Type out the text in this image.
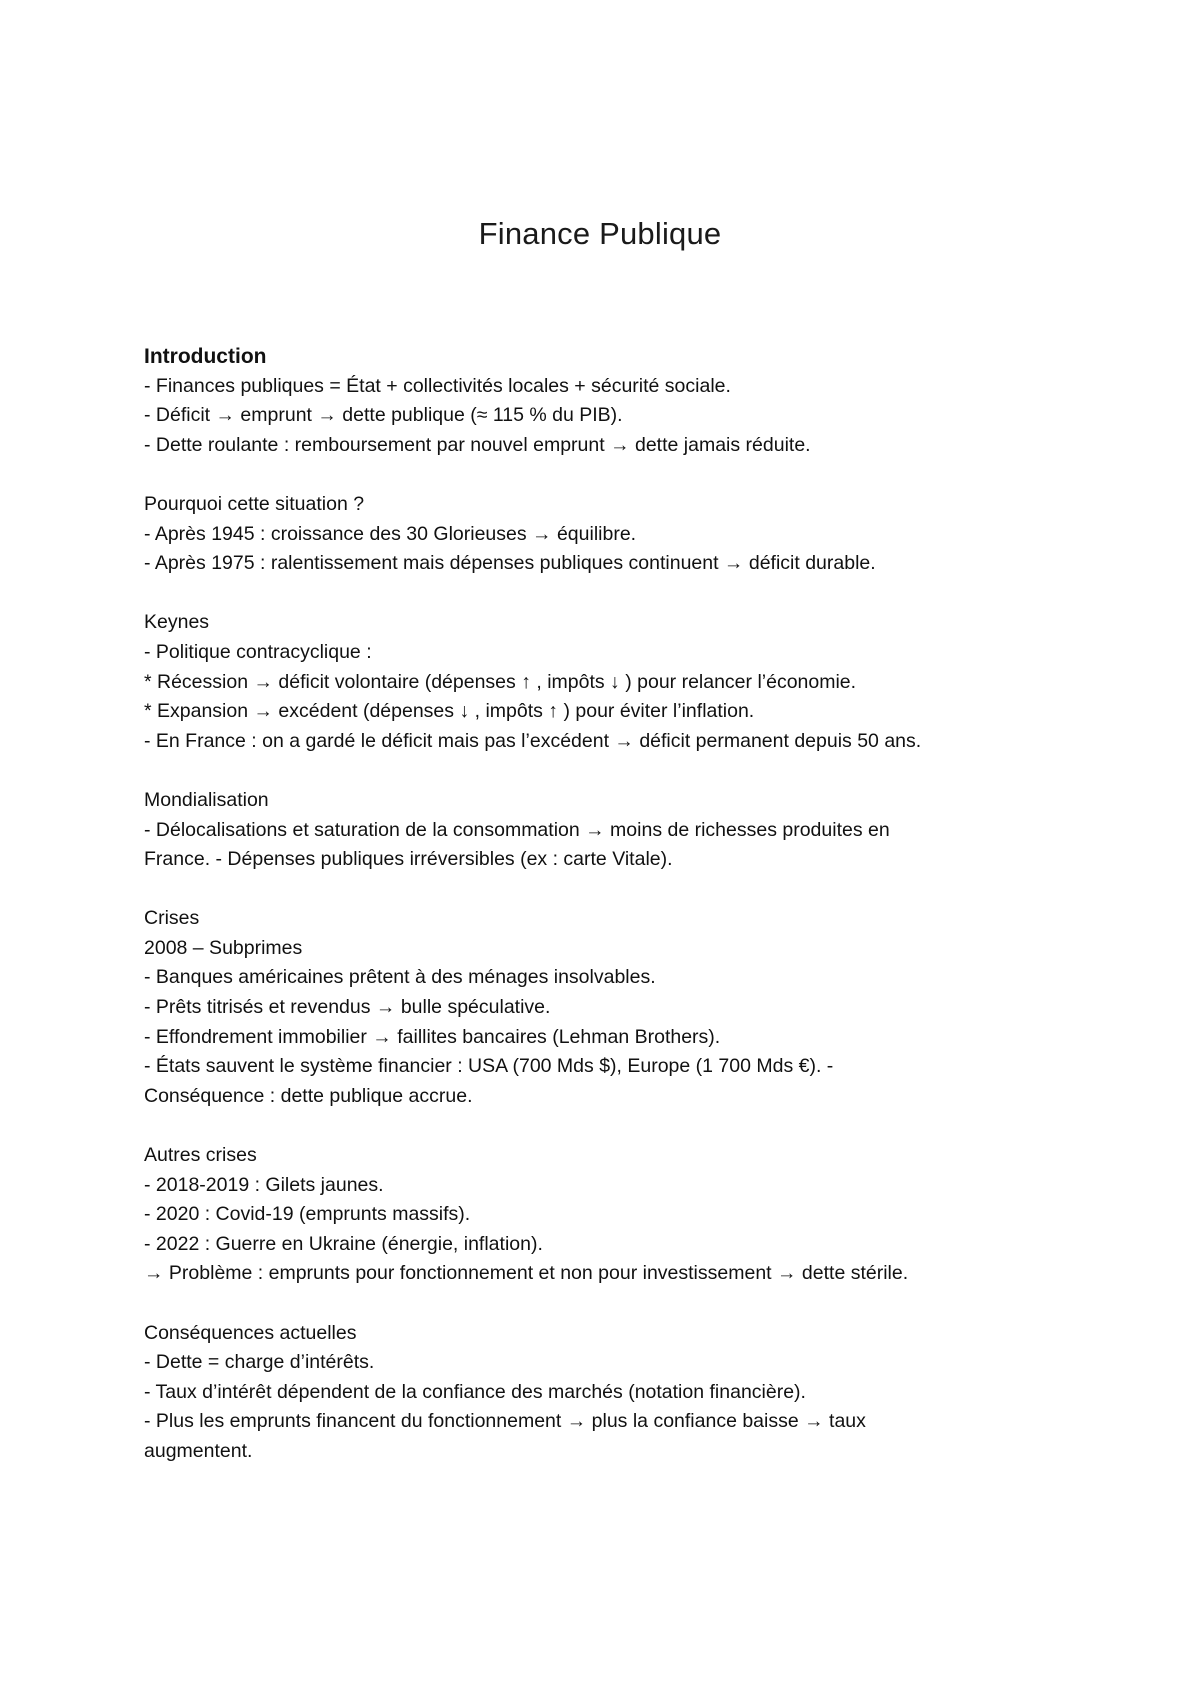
Finance Publique
Introduction
- Finances publiques = État + collectivités locales + sécurité sociale.
- Déficit → emprunt → dette publique (≈ 115 % du PIB).
- Dette roulante : remboursement par nouvel emprunt → dette jamais réduite.
Pourquoi cette situation ?
- Après 1945 : croissance des 30 Glorieuses → équilibre.
- Après 1975 : ralentissement mais dépenses publiques continuent → déficit durable.
Keynes
- Politique contracyclique :
* Récession → déficit volontaire (dépenses ↑ , impôts ↓ ) pour relancer l’économie.
* Expansion → excédent (dépenses ↓ , impôts ↑ ) pour éviter l’inflation.
- En France : on a gardé le déficit mais pas l’excédent → déficit permanent depuis 50 ans.
Mondialisation
- Délocalisations et saturation de la consommation → moins de richesses produites en
France. - Dépenses publiques irréversibles (ex : carte Vitale).
Crises
2008 – Subprimes
- Banques américaines prêtent à des ménages insolvables.
- Prêts titrisés et revendus → bulle spéculative.
- Effondrement immobilier → faillites bancaires (Lehman Brothers).
- États sauvent le système financier : USA (700 Mds $), Europe (1 700 Mds €). -
Conséquence : dette publique accrue.
Autres crises
- 2018-2019 : Gilets jaunes.
- 2020 : Covid-19 (emprunts massifs).
- 2022 : Guerre en Ukraine (énergie, inflation).
→ Problème : emprunts pour fonctionnement et non pour investissement → dette stérile.
Conséquences actuelles
- Dette = charge d’intérêts.
- Taux d’intérêt dépendent de la confiance des marchés (notation financière).
- Plus les emprunts financent du fonctionnement → plus la confiance baisse → taux
augmentent.
